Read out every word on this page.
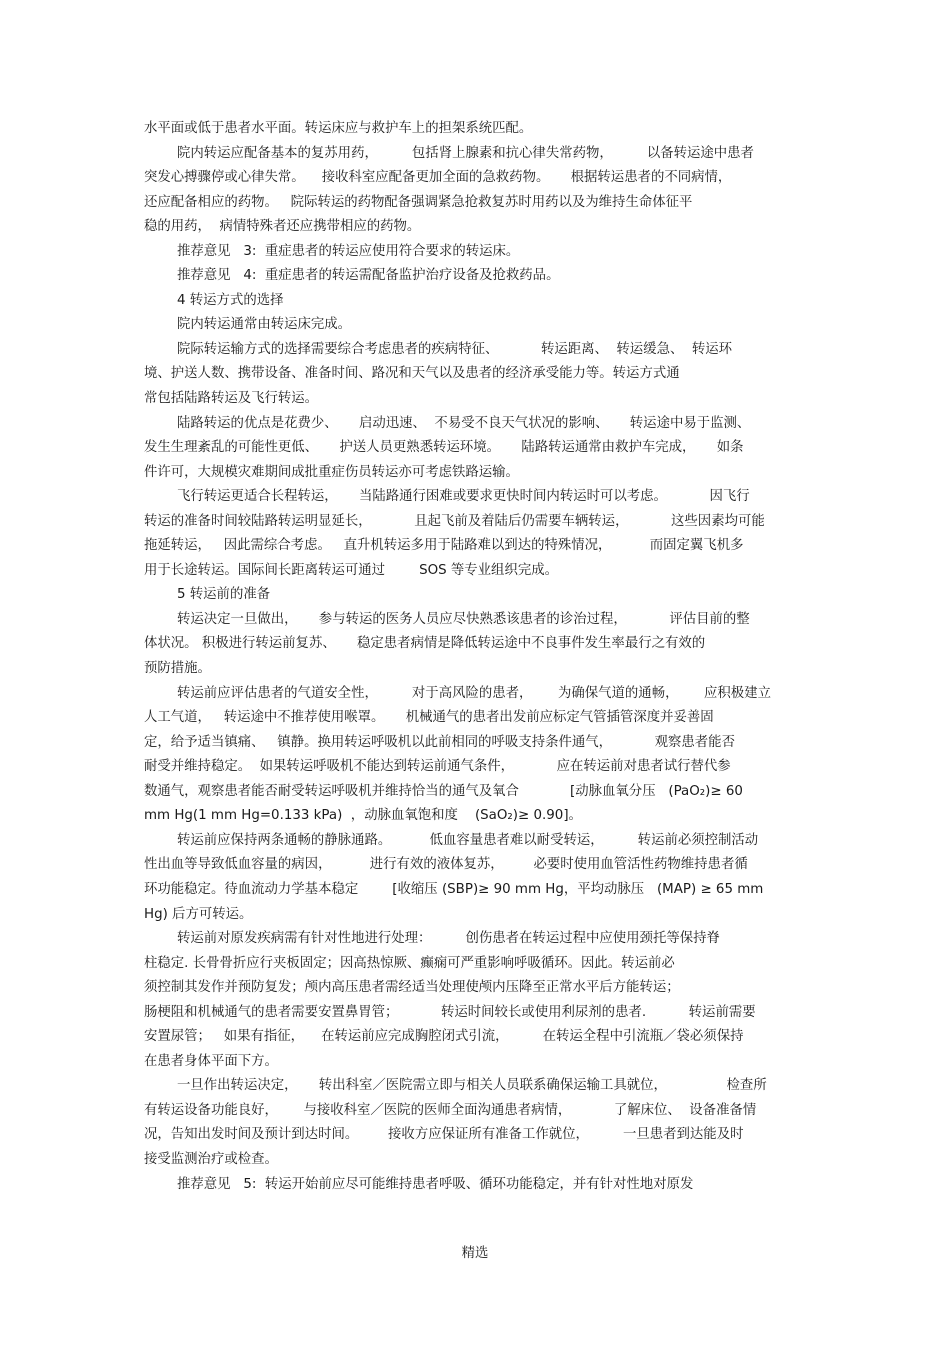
水平面或低于患者水平面。转运床应与救护车上的担架系统匹配。
院内转运应配备基本的复苏用药，        包括肾上腺素和抗心律失常药物，        以备转运途中患者
突发心搏骤停或心律失常。    接收科室应配备更加全面的急救药物。     根据转运患者的不同病情，
还应配备相应的药物。   院际转运的药物配备强调紧急抢救复苏时用药以及为维持生命体征平
稳的用药，  病情特殊者还应携带相应的药物。
推荐意见   3:  重症患者的转运应使用符合要求的转运床。
推荐意见   4:  重症患者的转运需配备监护治疗设备及抢救药品。
4 转运方式的选择
院内转运通常由转运床完成。
院际转运输方式的选择需要综合考虑患者的疾病特征、          转运距离、  转运缓急、  转运环
境、护送人数、携带设备、准备时间、路况和天气以及患者的经济承受能力等。转运方式通
常包括陆路转运及飞行转运。
陆路转运的优点是花费少、     启动迅速、  不易受不良天气状况的影响、     转运途中易于监测、
发生生理紊乱的可能性更低、     护送人员更熟悉转运环境。     陆路转运通常由救护车完成，     如条
件许可，大规模灾难期间成批重症伤员转运亦可考虑铁路运输。
飞行转运更适合长程转运，     当陆路通行困难或要求更快时间内转运时可以考虑。          因飞行
转运的准备时间较陆路转运明显延长，          且起飞前及着陆后仍需要车辆转运，          这些因素均可能
拖延转运，   因此需综合考虑。   直升机转运多用于陆路难以到达的特殊情况，         而固定翼飞机多
用于长途转运。国际间长距离转运可通过        SOS 等专业组织完成。
5 转运前的准备
转运决定一旦做出，     参与转运的医务人员应尽快熟悉该患者的诊治过程，          评估目前的整
体状况。 积极进行转运前复苏、     稳定患者病情是降低转运途中不良事件发生率最行之有效的
预防措施。
转运前应评估患者的气道安全性，        对于高风险的患者，      为确保气道的通畅，      应积极建立
人工气道，   转运途中不推荐使用喉罩。     机械通气的患者出发前应标定气管插管深度并妥善固
定，给予适当镇痛、   镇静。换用转运呼吸机以此前相同的呼吸支持条件通气，          观察患者能否
耐受并维持稳定。  如果转运呼吸机不能达到转运前通气条件，          应在转运前对患者试行替代参
数通气，观察患者能否耐受转运呼吸机并维持恰当的通气及氧合            [动脉血氧分压   (PaO₂)≥ 60
mm Hg(1 mm Hg=0.133 kPa)  ，动脉血氧饱和度    (SaO₂)≥ 0.90]。
转运前应保持两条通畅的静脉通路。         低血容量患者难以耐受转运，        转运前必须控制活动
性出血等导致低血容量的病因，         进行有效的液体复苏，       必要时使用血管活性药物维持患者循
环功能稳定。待血流动力学基本稳定        [收缩压 (SBP)≥ 90 mm Hg，平均动脉压   (MAP) ≥ 65 mm
Hg) 后方可转运。
转运前对原发疾病需有针对性地进行处理：        创伤患者在转运过程中应使用颈托等保持脊
柱稳定. 长骨骨折应行夹板固定；因高热惊厥、癫痫可严重影响呼吸循环。因此。转运前必
须控制其发作并预防复发；颅内高压患者需经适当处理使颅内压降至正常水平后方能转运；
肠梗阻和机械通气的患者需要安置鼻胃管；          转运时间较长或使用利尿剂的患者.          转运前需要
安置尿管；   如果有指征，    在转运前应完成胸腔闭式引流，        在转运全程中引流瓶／袋必须保持
在患者身体平面下方。
一旦作出转运决定，     转出科室／医院需立即与相关人员联系确保运输工具就位，              检查所
有转运设备功能良好，      与接收科室／医院的医师全面沟通患者病情，          了解床位、  设备准备情
况，告知出发时间及预计到达时间。       接收方应保证所有准备工作就位，        一旦患者到达能及时
接受监测治疗或检查。
推荐意见   5:  转运开始前应尽可能维持患者呼吸、循环功能稳定，并有针对性地对原发
精选
